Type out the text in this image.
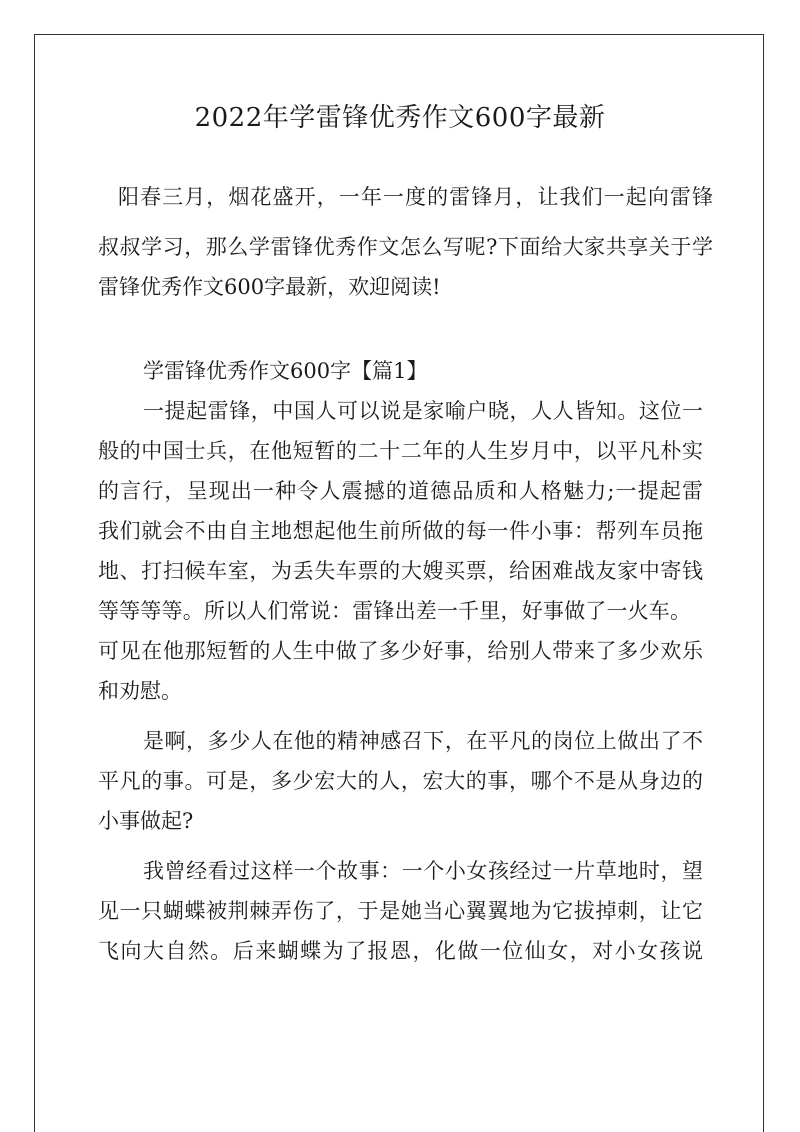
2022年学雷锋优秀作文600字最新
阳春三月，烟花盛开，一年一度的雷锋月，让我们一起向雷锋
叔叔学习，那么学雷锋优秀作文怎么写呢?下面给大家共享关于学
雷锋优秀作文600字最新，欢迎阅读!
学雷锋优秀作文600字【篇1】
一提起雷锋，中国人可以说是家喻户晓，人人皆知。这位一
般的中国士兵，在他短暂的二十二年的人生岁月中，以平凡朴实
的言行，呈现出一种令人震撼的道德品质和人格魅力;一提起雷
我们就会不由自主地想起他生前所做的每一件小事：帮列车员拖
地、打扫候车室，为丢失车票的大嫂买票，给困难战友家中寄钱
等等等等。所以人们常说：雷锋出差一千里，好事做了一火车。
可见在他那短暂的人生中做了多少好事，给别人带来了多少欢乐
和劝慰。
是啊，多少人在他的精神感召下，在平凡的岗位上做出了不
平凡的事。可是，多少宏大的人，宏大的事，哪个不是从身边的
小事做起?
我曾经看过这样一个故事：一个小女孩经过一片草地时，望
见一只蝴蝶被荆棘弄伤了，于是她当心翼翼地为它拔掉刺，让它
飞向大自然。后来蝴蝶为了报恩，化做一位仙女，对小女孩说
